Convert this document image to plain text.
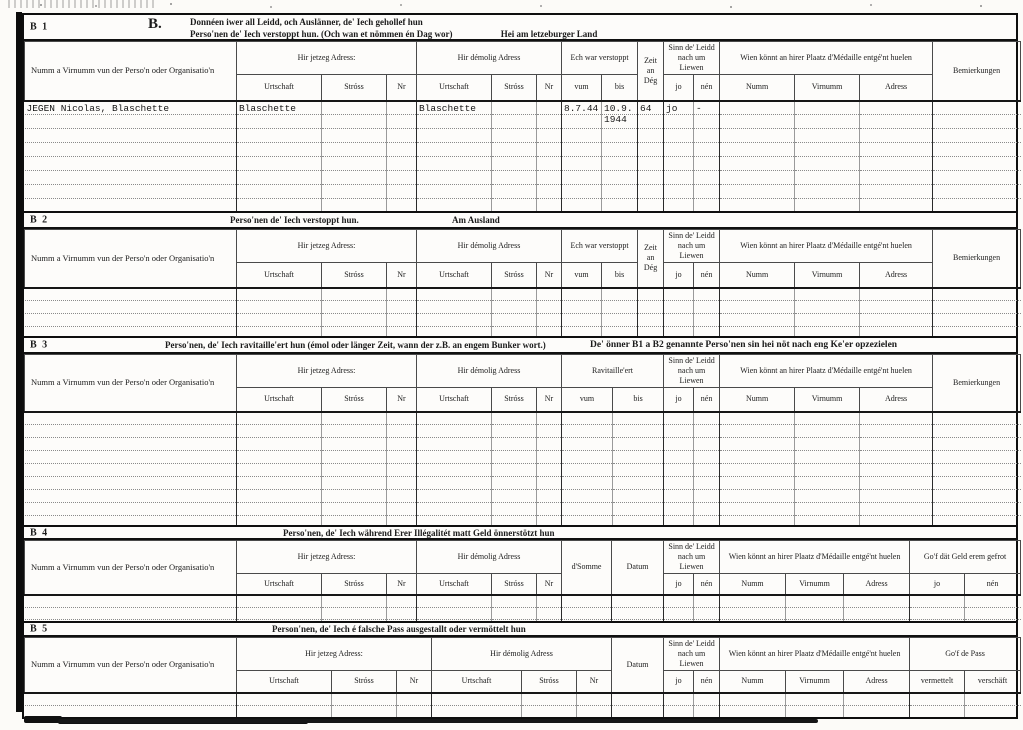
B 1	B.	Donnéen iwer all Leidd, och Auslänner, de' Iech gehollef hun
Perso'nen de' Iech verstoppt hun. (Och wan et nömmen én Dag wor)	Hei am letzeburger Land
Numm a Virnumm vun der Perso'n oder Organisatio'n	Hir jetzeg Adress:			Hir démolig Adress			Ech war verstoppt		Zeit an Dég	Sinn de' Leidd nach um Liewen		Wien könnt an hirer Plaatz d'Médaille entgé'nt huelen			Bemierkungen
	Urtschaft	Stróss	Nr	Urtschaft	Stróss	Nr	vum	bis		jo	nén	Numm	Virnumm	Adress	

JEGEN Nicolas, Blaschette	Blaschette			Blaschette			8.7.44	10.9. 1944	64	jo	-				

B 2	Perso'nen de' Iech verstoppt hun.	Am Ausland
Numm a Virnumm vun der Perso'n oder Organisatio'n	Hir jetzeg Adress:			Hir démolig Adress			Ech war verstoppt		Zeit an Dég	Sinn de' Leidd nach um Liewen		Wien könnt an hirer Plaatz d'Médaille entgé'nt huelen			Bemierkungen
	Urtschaft	Stróss	Nr	Urtschaft	Stróss	Nr	vum	bis		jo	nén	Numm	Virnumm	Adress	

B 3	Perso'nen, de' Iech ravitaille'ert hun (émol oder länger Zeit, wann der z.B. an engem Bunker wort.)	De' önner B1 a B2 genannte Perso'nen sin hei nöt nach eng Ke'er opzezielen
Numm a Virnumm vun der Perso'n oder Organisatio'n	Hir jetzeg Adress:			Hir démolig Adress			Ravitaille'ert		Sinn de' Leidd nach um Liewen		Wien könnt an hirer Plaatz d'Médaille entgé'nt huelen			Bemierkungen
	Urtschaft	Stróss	Nr	Urtschaft	Stróss	Nr	vum	bis	jo	nén	Numm	Virnumm	Adress	

B 4	Perso'nen, de' Iech während Erer Illégalitét matt Geld önnerstötzt hun
Numm a Virnumm vun der Perso'n oder Organisatio'n	Hir jetzeg Adress:			Hir démolig Adress			d'Somme	Datum	Sinn de' Leidd nach um Liewen		Wien könnt an hirer Plaatz d'Médaille entgé'nt huelen			Go'f dät Geld erem gefrot	
	Urtschaft	Stróss	Nr	Urtschaft	Stróss	Nr			jo	nén	Numm	Virnumm	Adress	jo	nén

B 5	Person'nen, de' Iech é falsche Pass ausgestallt oder vermöttelt hun
Numm a Virnumm vun der Perso'n oder Organisatio'n	Hir jetzeg Adress:			Hir démolig Adress			Datum	Sinn de' Leidd nach um Liewen		Wien könnt an hirer Plaatz d'Médaille entgé'nt huelen			Go'f de Pass	
	Urtschaft	Stróss	Nr	Urtschaft	Stróss	Nr		jo	nén	Numm	Virnumm	Adress	vermettelt	verschäft
